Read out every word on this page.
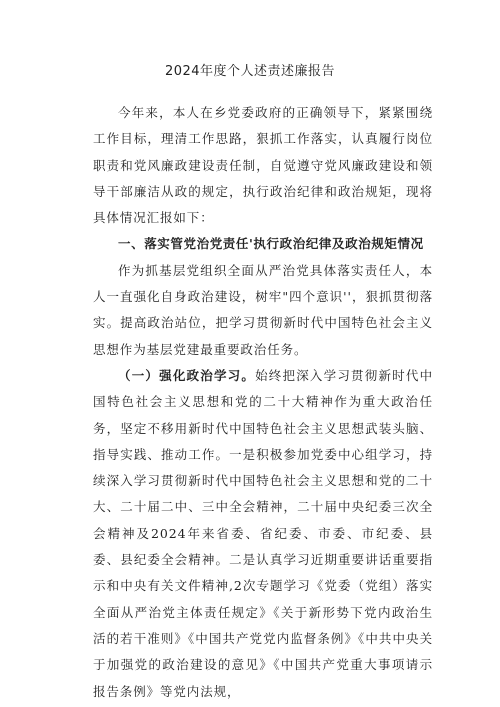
2024年度个人述责述廉报告

今年来，本人在乡党委政府的正确领导下，紧紧围绕工作目标，理清工作思路，狠抓工作落实，认真履行岗位职责和党风廉政建设责任制，自觉遵守党风廉政建设和领导干部廉洁从政的规定，执行政治纪律和政治规矩，现将具体情况汇报如下：

一、落实管党治党责任'执行政治纪律及政治规矩情况

作为抓基层党组织全面从严治党具体落实责任人，本人一直强化自身政治建设，树牢"四个意识''，狠抓贯彻落实。提高政治站位，把学习贯彻新时代中国特色社会主义思想作为基层党建最重要政治任务。

（一）强化政治学习。始终把深入学习贯彻新时代中国特色社会主义思想和党的二十大精神作为重大政治任务，坚定不移用新时代中国特色社会主义思想武装头脑、指导实践、推动工作。一是积极参加党委中心组学习，持续深入学习贯彻新时代中国特色社会主义思想和党的二十大、二十届二中、三中全会精神，二十届中央纪委三次全会精神及2024年来省委、省纪委、市委、市纪委、县委、县纪委全会精神。二是认真学习近期重要讲话重要指示和中央有关文件精神,2次专题学习《党委（党组）落实全面从严治党主体责任规定》《关于新形势下党内政治生活的若干准则》《中国共产党党内监督条例》《中共中央关于加强党的政治建设的意见》《中国共产党重大事项请示报告条例》等党内法规，
